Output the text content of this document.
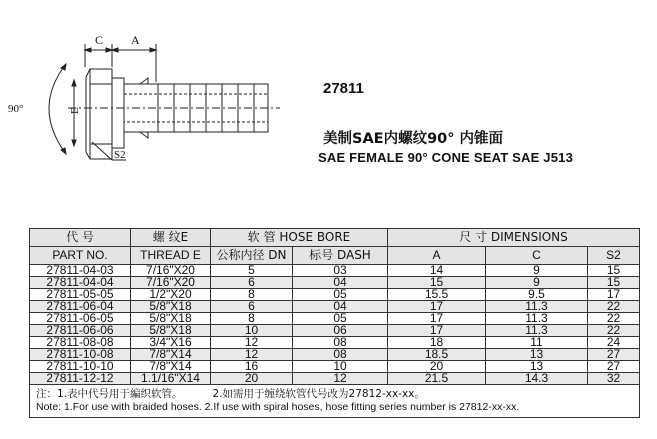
C A
90°	E
S2
27811
美制SAE内螺纹90° 内锥面
SAE FEMALE 90° CONE SEAT SAE J513
代 号	螺 纹E	软 管 HOSE BORE		尺 寸 DIMENSIONS		
PART NO.	THREAD E	公称内径 DN	标号 DASH	A	C	S2
27811-04-03	7/16"X20	5	03	14	9	15
27811-04-04	7/16"X20	6	04	15	9	15
27811-05-05	1/2"X20	8	05	15.5	9.5	17
27811-06-04	5/8"X18	6	04	17	11.3	22
27811-06-05	5/8"X18	8	05	17	11.3	22
27811-06-06	5/8"X18	10	06	17	11.3	22
27811-08-08	3/4"X16	12	08	18	11	24
27811-10-08	7/8"X14	12	08	18.5	13	27
27811-10-10	7/8"X14	16	10	20	13	27
27811-12-12	1.1/16"X14	20	12	21.5	14.3	32

注：1.表中代号用于編织软管。 2.如需用于缠绕软管代号改为27812-xx-xx。
Note: 1.For use with braided hoses. 2.If use with spiral hoses, hose fitting series number is 27812-xx-xx.						
